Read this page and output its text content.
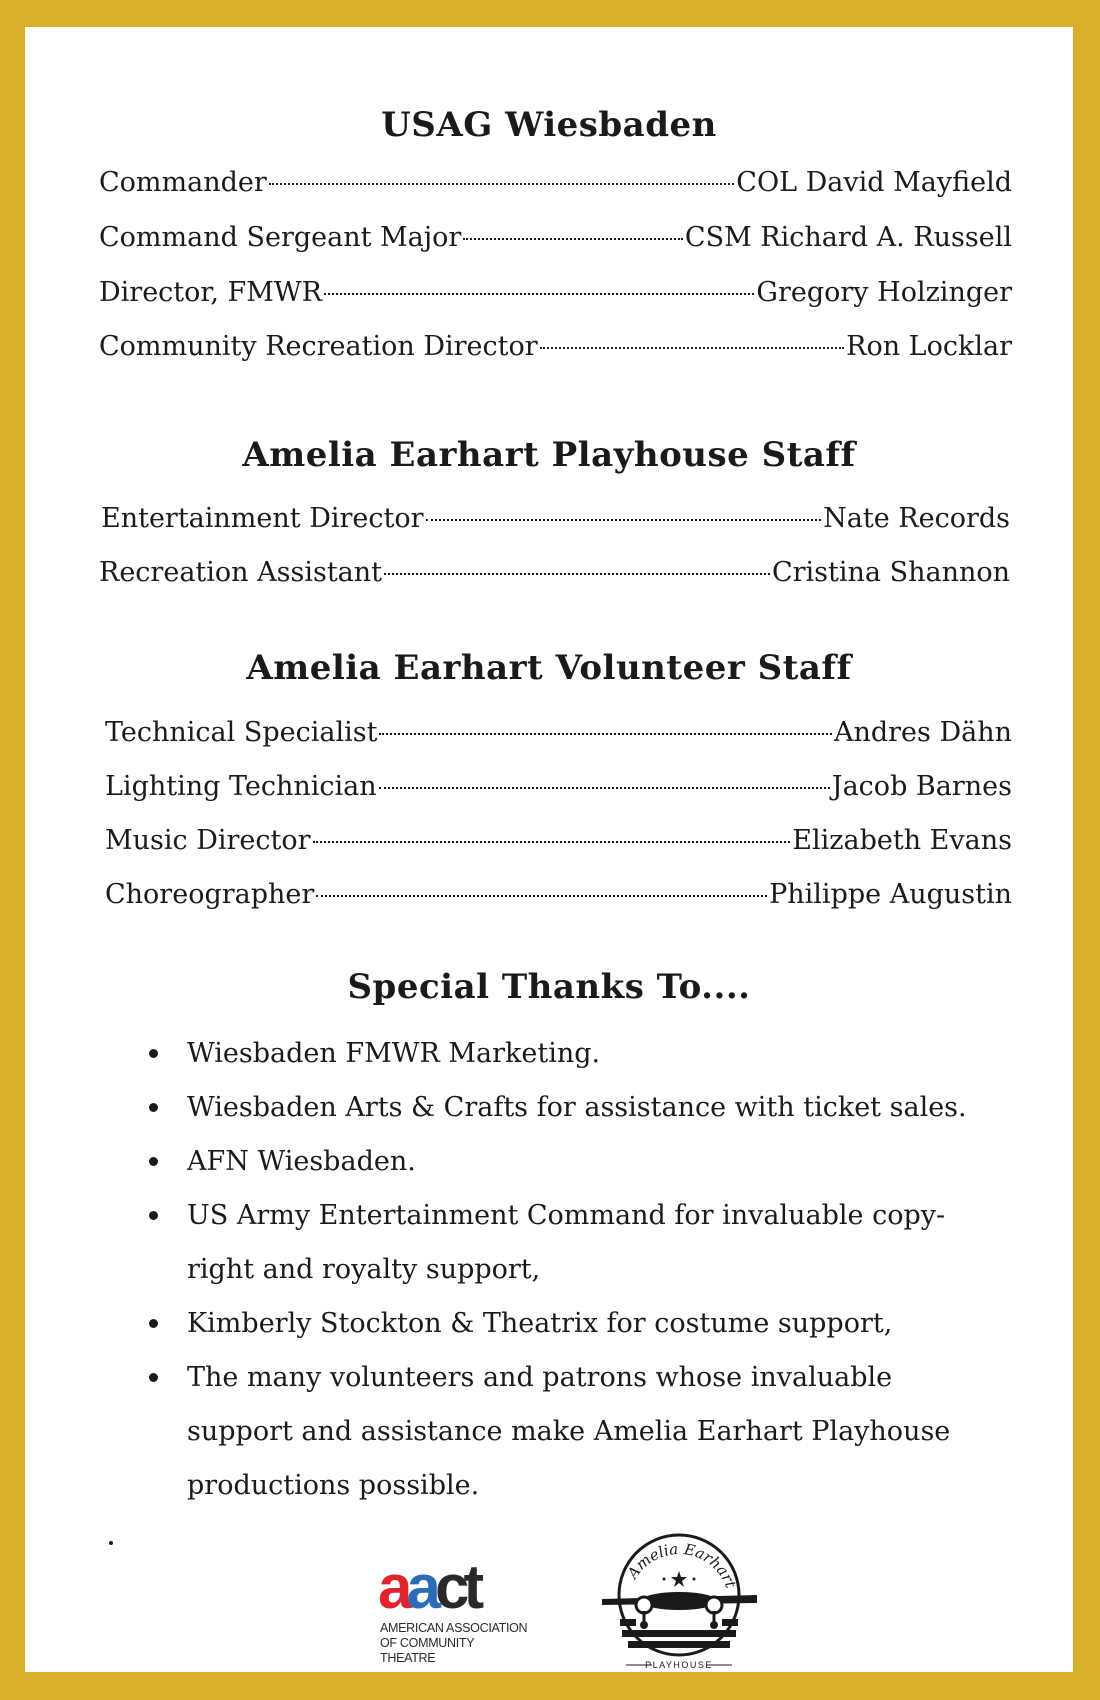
USAG Wiesbaden
Commander	COL David Mayfield
Command Sergeant Major	CSM Richard A. Russell
Director, FMWR	Gregory Holzinger
Community Recreation Director	Ron Locklar
Amelia Earhart Playhouse Staff
Entertainment Director	Nate Records
Recreation Assistant	Cristina Shannon
Amelia Earhart Volunteer Staff
Technical Specialist	Andres Dähn
Lighting Technician	Jacob Barnes
Music Director	Elizabeth Evans
Choreographer	Philippe Augustin
Special Thanks To....
Wiesbaden FMWR Marketing.
Wiesbaden Arts & Crafts for assistance with ticket sales.
AFN Wiesbaden.
US Army Entertainment Command for invaluable copy-
right and royalty support,
Kimberly Stockton & Theatrix for costume support,
The many volunteers and patrons whose invaluable
support and assistance make Amelia Earhart Playhouse
productions possible.
aact
AMERICAN ASSOCIATION
OF COMMUNITY THEATRE
Amelia Earhart
PLAYHOUSE
